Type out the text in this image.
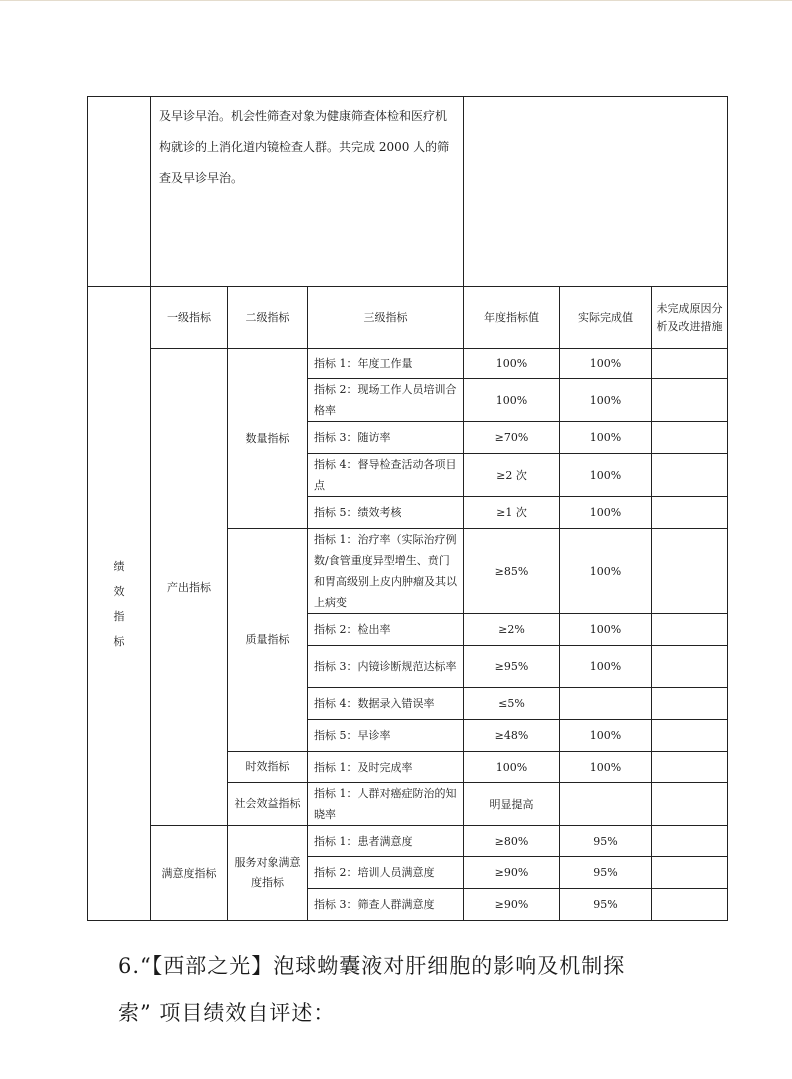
	及早诊早治。机会性筛查对象为健康筛查体检和医疗机构就诊的上消化道内镜检查人群。共完成 2000 人的筛查及早诊早治。					

绩
效
指
标	一级指标	二级指标	三级指标	年度指标值	实际完成值	未完成原因分析及改进措施
	产出指标	数量指标	指标 1：年度工作量	100%	100%	
			指标 2：现场工作人员培训合格率	100%	100%	
			指标 3：随访率	≥70%	100%	
			指标 4：督导检查活动各项目点	≥2 次	100%	
			指标 5：绩效考核	≥1 次	100%	
		质量指标	指标 1：治疗率（实际治疗例数/食管重度异型增生、贲门和胃高级别上皮内肿瘤及其以上病变	≥85%	100%	
			指标 2：检出率	≥2%	100%	
			指标 3：内镜诊断规范达标率	≥95%	100%	
			指标 4：数据录入错误率	≤5%		
			指标 5：早诊率	≥48%	100%	
		时效指标	指标 1：及时完成率	100%	100%	
		社会效益指标	指标 1：人群对癌症防治的知晓率	明显提高		
	满意度指标	服务对象满意度指标	指标 1：患者满意度	≥80%	95%	
			指标 2：培训人员满意度	≥90%	95%	
			指标 3：筛查人群满意度	≥90%	95%	
6.“【西部之光】泡球蚴囊液对肝细胞的影响及机制探
索” 项目绩效自评述：
